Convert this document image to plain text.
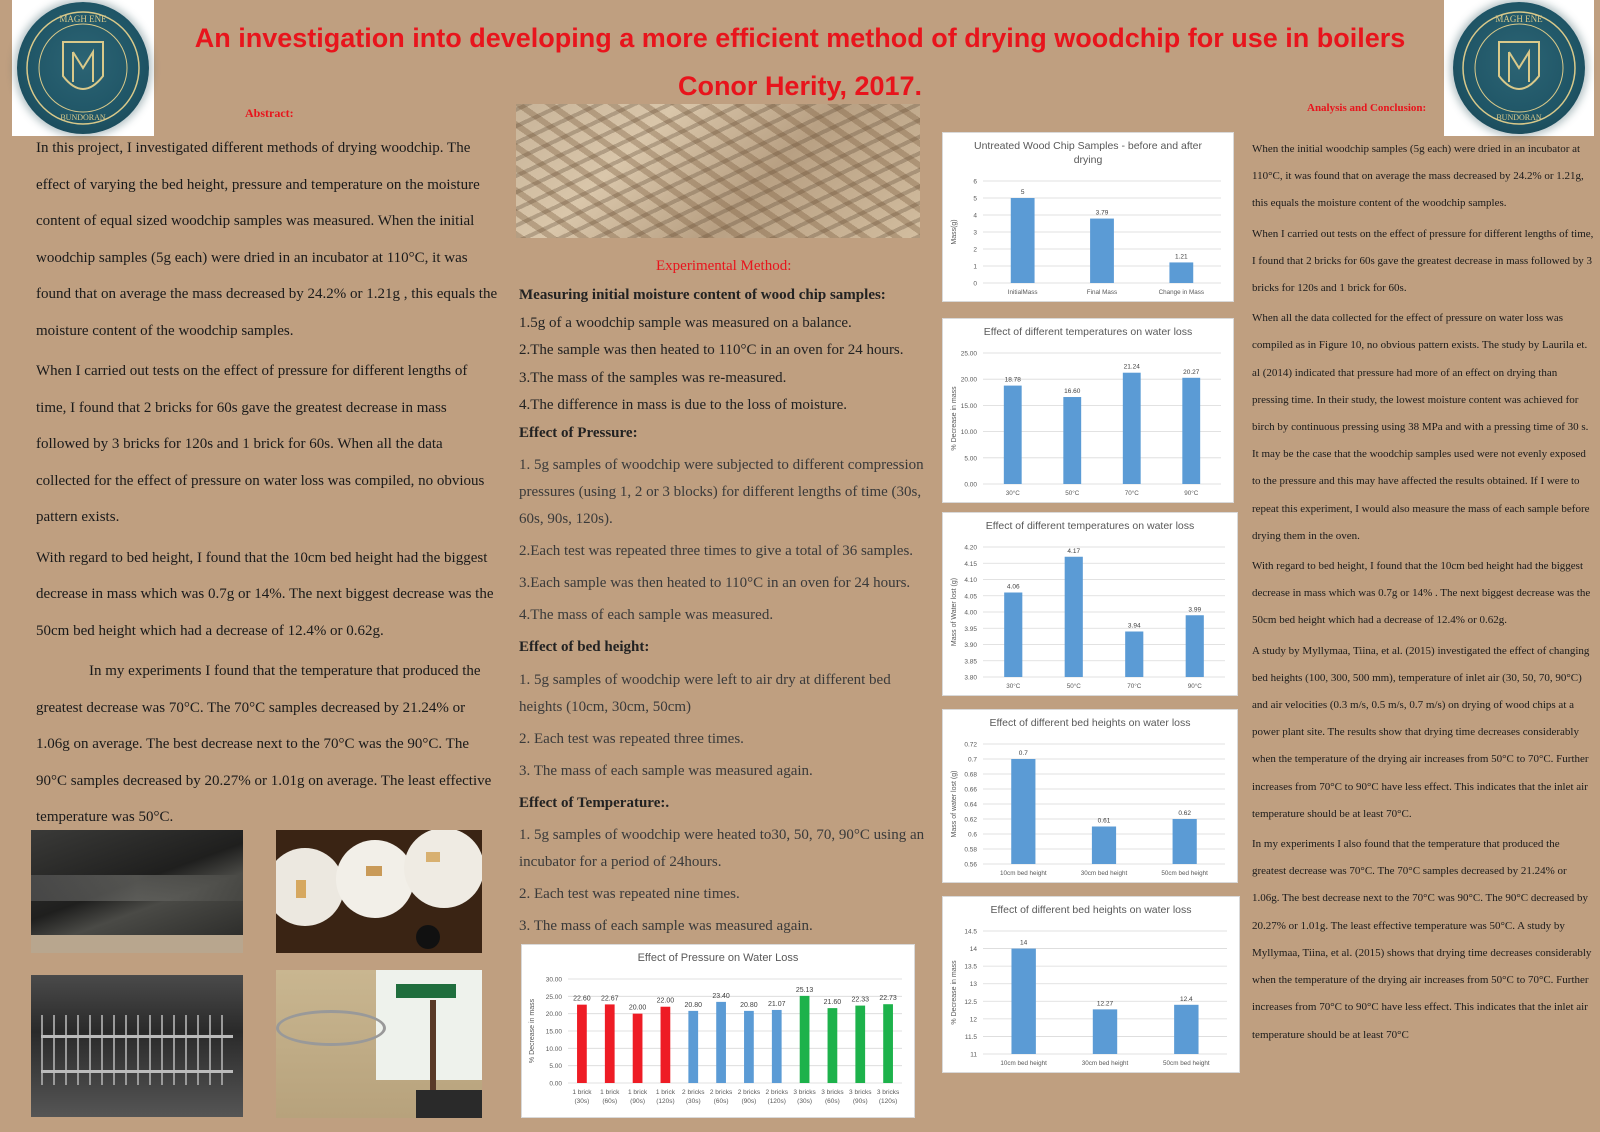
MAGH ENE
BUNDORAN
MAGH ENE
BUNDORAN
An investigation into developing a more efficient method of drying woodchip for use in boilers
Conor Herity, 2017.
Abstract:

In this project, I investigated different methods of drying woodchip. The effect of varying the bed height, pressure and temperature on the moisture content of equal sized woodchip samples was measured. When the initial woodchip samples (5g each) were dried in an incubator at 110°C, it was found that on average the mass decreased by 24.2% or 1.21g , this equals the moisture content of the woodchip samples.

When I carried out tests on the effect of pressure for different lengths of time, I found that 2 bricks for 60s gave the greatest decrease in mass followed by 3 bricks for 120s and 1 brick for 60s. When all the data collected for the effect of pressure on water loss was compiled, no obvious pattern exists.

With regard to bed height, I found that the 10cm bed height had the biggest decrease in mass which was 0.7g or 14%. The next biggest decrease was the 50cm bed height which had a decrease of 12.4% or 0.62g.

In my experiments I found that the temperature that produced the greatest decrease was 70°C. The 70°C samples decreased by 21.24% or 1.06g on average. The best decrease next to the 70°C was the 90°C. The 90°C samples decreased by 20.27% or 1.01g on average. The least effective temperature was 50°C.

Experimental Method:
Measuring initial moisture content of wood chip samples:
1.5g of a woodchip sample was measured on a balance.
2.The sample was then heated to 110°C in an oven for 24 hours.
3.The mass of the samples was re-measured.
4.The difference in mass is due to the loss of moisture.
Effect of Pressure:
1. 5g samples of woodchip were subjected to different compression pressures (using 1, 2 or 3 blocks) for different lengths of time (30s, 60s, 90s, 120s).
2.Each test was repeated three times to give a total of 36 samples.
3.Each sample was then heated to 110°C in an oven for 24 hours.
4.The mass of each sample was measured.
Effect of bed height:
1. 5g samples of woodchip were left to air dry at different bed heights (10cm, 30cm, 50cm)
2. Each test was repeated three times.
3. The mass of each sample was measured again.
Effect of Temperature:.
1. 5g samples of woodchip were heated to30, 50, 70, 90°C using an incubator for a period of 24hours.
2. Each test was repeated nine times.
3. The mass of each sample was measured again.
Untreated Wood Chip Samples - before and after
drying
Mass(g)
0
1
2
3
4
5
6
5
InitialMass
3.79
Final Mass
1.21
Change in Mass
Effect of different temperatures on water loss
% Decrease in mass
0.00
5.00
10.00
15.00
20.00
25.00
18.78
30°C
16.60
50°C
21.24
70°C
20.27
90°C
Effect of different temperatures on water loss
Mass of Water lost (g)
3.80
3.85
3.90
3.95
4.00
4.05
4.10
4.15
4.20
4.06
30°C
4.17
50°C
3.94
70°C
3.99
90°C
Effect of different bed heights on water loss
Mass of water lost (g)
0.56
0.58
0.6
0.62
0.64
0.66
0.68
0.7
0.72
0.7
10cm bed height
0.61
30cm bed height
0.62
50cm bed height
Effect of different bed heights on water loss
% Decrease in mass
11
11.5
12
12.5
13
13.5
14
14.5
14
10cm bed height
12.27
30cm bed height
12.4
50cm bed height
Effect of Pressure on Water Loss
% Decrease in mass
0.00
5.00
10.00
15.00
20.00
25.00
30.00
22.60
1 brick
(30s)
22.67
1 brick
(60s)
20.00
1 brick
(90s)
22.00
1 brick
(120s)
20.80
2 bricks
(30s)
23.40
2 bricks
(60s)
20.80
2 bricks
(90s)
21.07
2 bricks
(120s)
25.13
3 bricks
(30s)
21.60
3 bricks
(60s)
22.33
3 bricks
(90s)
22.73
3 bricks
(120s)
Analysis and Conclusion:

When the initial woodchip samples (5g each) were dried in an incubator at 110°C, it was found that on average the mass decreased by 24.2% or 1.21g, this equals the moisture content of the woodchip samples.

When I carried out tests on the effect of pressure for different lengths of time, I found that 2 bricks for 60s gave the greatest decrease in mass followed by 3 bricks for 120s and 1 brick for 60s.

When all the data collected for the effect of pressure on water loss was compiled as in Figure 10, no obvious pattern exists. The study by Laurila et. al (2014) indicated that pressure had more of an effect on drying than pressing time. In their study, the lowest moisture content was achieved for birch by continuous pressing using 38 MPa and with a pressing time of 30 s. It may be the case that the woodchip samples used were not evenly exposed to the pressure and this may have affected the results obtained. If I were to repeat this experiment, I would also measure the mass of each sample before drying them in the oven.

With regard to bed height, I found that the 10cm bed height had the biggest decrease in mass which was 0.7g or 14% . The next biggest decrease was the 50cm bed height which had a decrease of 12.4% or 0.62g.

A study by Myllymaa, Tiina, et al. (2015) investigated the effect of changing bed heights (100, 300, 500 mm), temperature of inlet air (30, 50, 70, 90°C) and air velocities (0.3 m/s, 0.5 m/s, 0.7 m/s) on drying of wood chips at a power plant site. The results show that drying time decreases considerably when the temperature of the drying air increases from 50°C to 70°C. Further increases from 70°C to 90°C have less effect. This indicates that the inlet air temperature should be at least 70°C.

In my experiments I also found that the temperature that produced the greatest decrease was 70°C. The 70°C samples decreased by 21.24% or 1.06g. The best decrease next to the 70°C was 90°C. The 90°C decreased by 20.27% or 1.01g. The least effective temperature was 50°C. A study by Myllymaa, Tiina, et al. (2015) shows that drying time decreases considerably when the temperature of the drying air increases from 50°C to 70°C. Further increases from 70°C to 90°C have less effect. This indicates that the inlet air temperature should be at least 70°C
